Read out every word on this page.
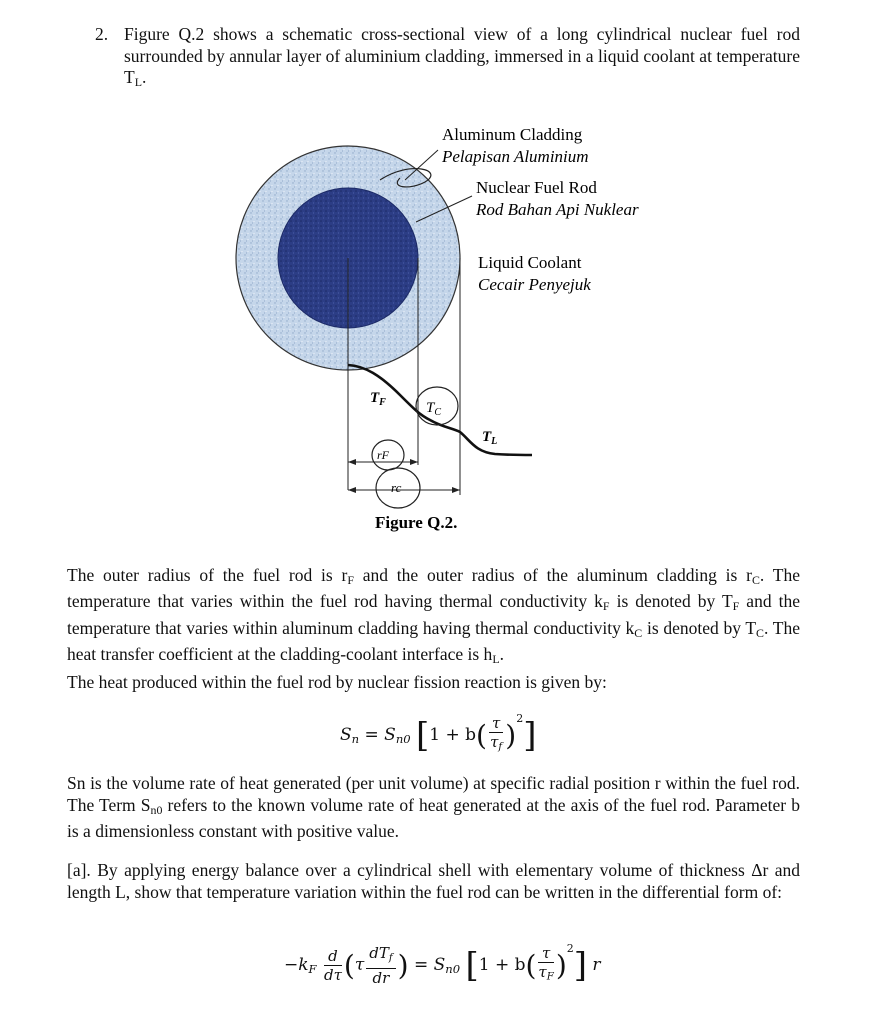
2. Figure Q.2 shows a schematic cross-sectional view of a long cylindrical nuclear fuel rod surrounded by annular layer of aluminium cladding, immersed in a liquid coolant at temperature $T_L$.
Aluminum Cladding
Pelapisan Aluminium
Nuclear Fuel Rod
Rod Bahan Api Nuklear
Liquid Coolant
Cecair Penyejuk
$T_F$	$T_C$
$T_L$
rF
rc
Figure Q.2.
The outer radius of the fuel rod is $r_F$ and the outer radius of the aluminum cladding is $r_C$. The temperature that varies within the fuel rod having thermal conductivity $k_F$ is denoted by $T_F$ and the temperature that varies within aluminum cladding having thermal conductivity $k_C$ is denoted by $T_C$. The heat transfer coefficient at the cladding-coolant interface is $h_L$.
The heat produced within the fuel rod by nuclear fission reaction is given by:
$S_n = S_{n0}$ $[1 + b( \frac{\tau}{\tau_f} )^2]$
Sn is the volume rate of heat generated (per unit volume) at specific radial position r within the fuel rod. The Term $S_{n0}$ refers to the known volume rate of heat generated at the axis of the fuel rod. Parameter b is a dimensionless constant with positive value.
[a]. By applying energy balance over a cylindrical shell with elementary volume of thickness Δr and length L, show that temperature variation within the fuel rod can be written in the differential form of:
$-k_F \frac{d}{d\tau} (\tau \frac{dT_f}{dr}$ ) = $S_{n0}$ $[1 + b( \frac{\tau}{\tau_F} )^2]$ r
